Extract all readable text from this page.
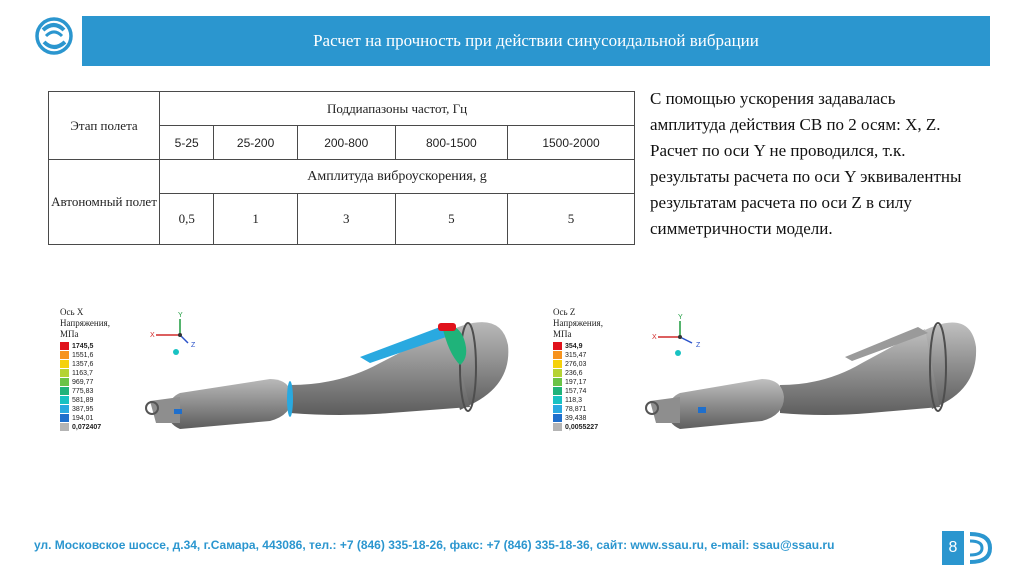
Расчет на прочность при действии синусоидальной вибрации
Этап полета	Поддиапазоны частот, Гц				
	5-25	25-200	200-800	800-1500	1500-2000
Автономный полет	Амплитуда виброускорения, g				
	0,5	1	3	5	5

С помощью ускорения задавалась амплитуда действия СВ по 2 осям: X, Z. Расчет по оси Y не проводился, т.к. результаты расчета по оси Y эквивалентны результатам расчета по оси Z в силу симметричности модели.

Ось X
Напряжения,
МПа
1745,5
1551,6
1357,6
1163,7
969,77
775,83
581,89
387,95
194,01
0,072407
Ось Z
Напряжения,
МПа
354,9
315,47
276,03
236,6
197,17
157,74
118,3
78,871
39,438
0,0055227
X
Y
Z
X
Y
Z
ул. Московское шоссе, д.34, г.Самара, 443086, тел.: +7 (846) 335-18-26, факс: +7 (846) 335-18-36, сайт: www.ssau.ru, e-mail: ssau@ssau.ru	8
